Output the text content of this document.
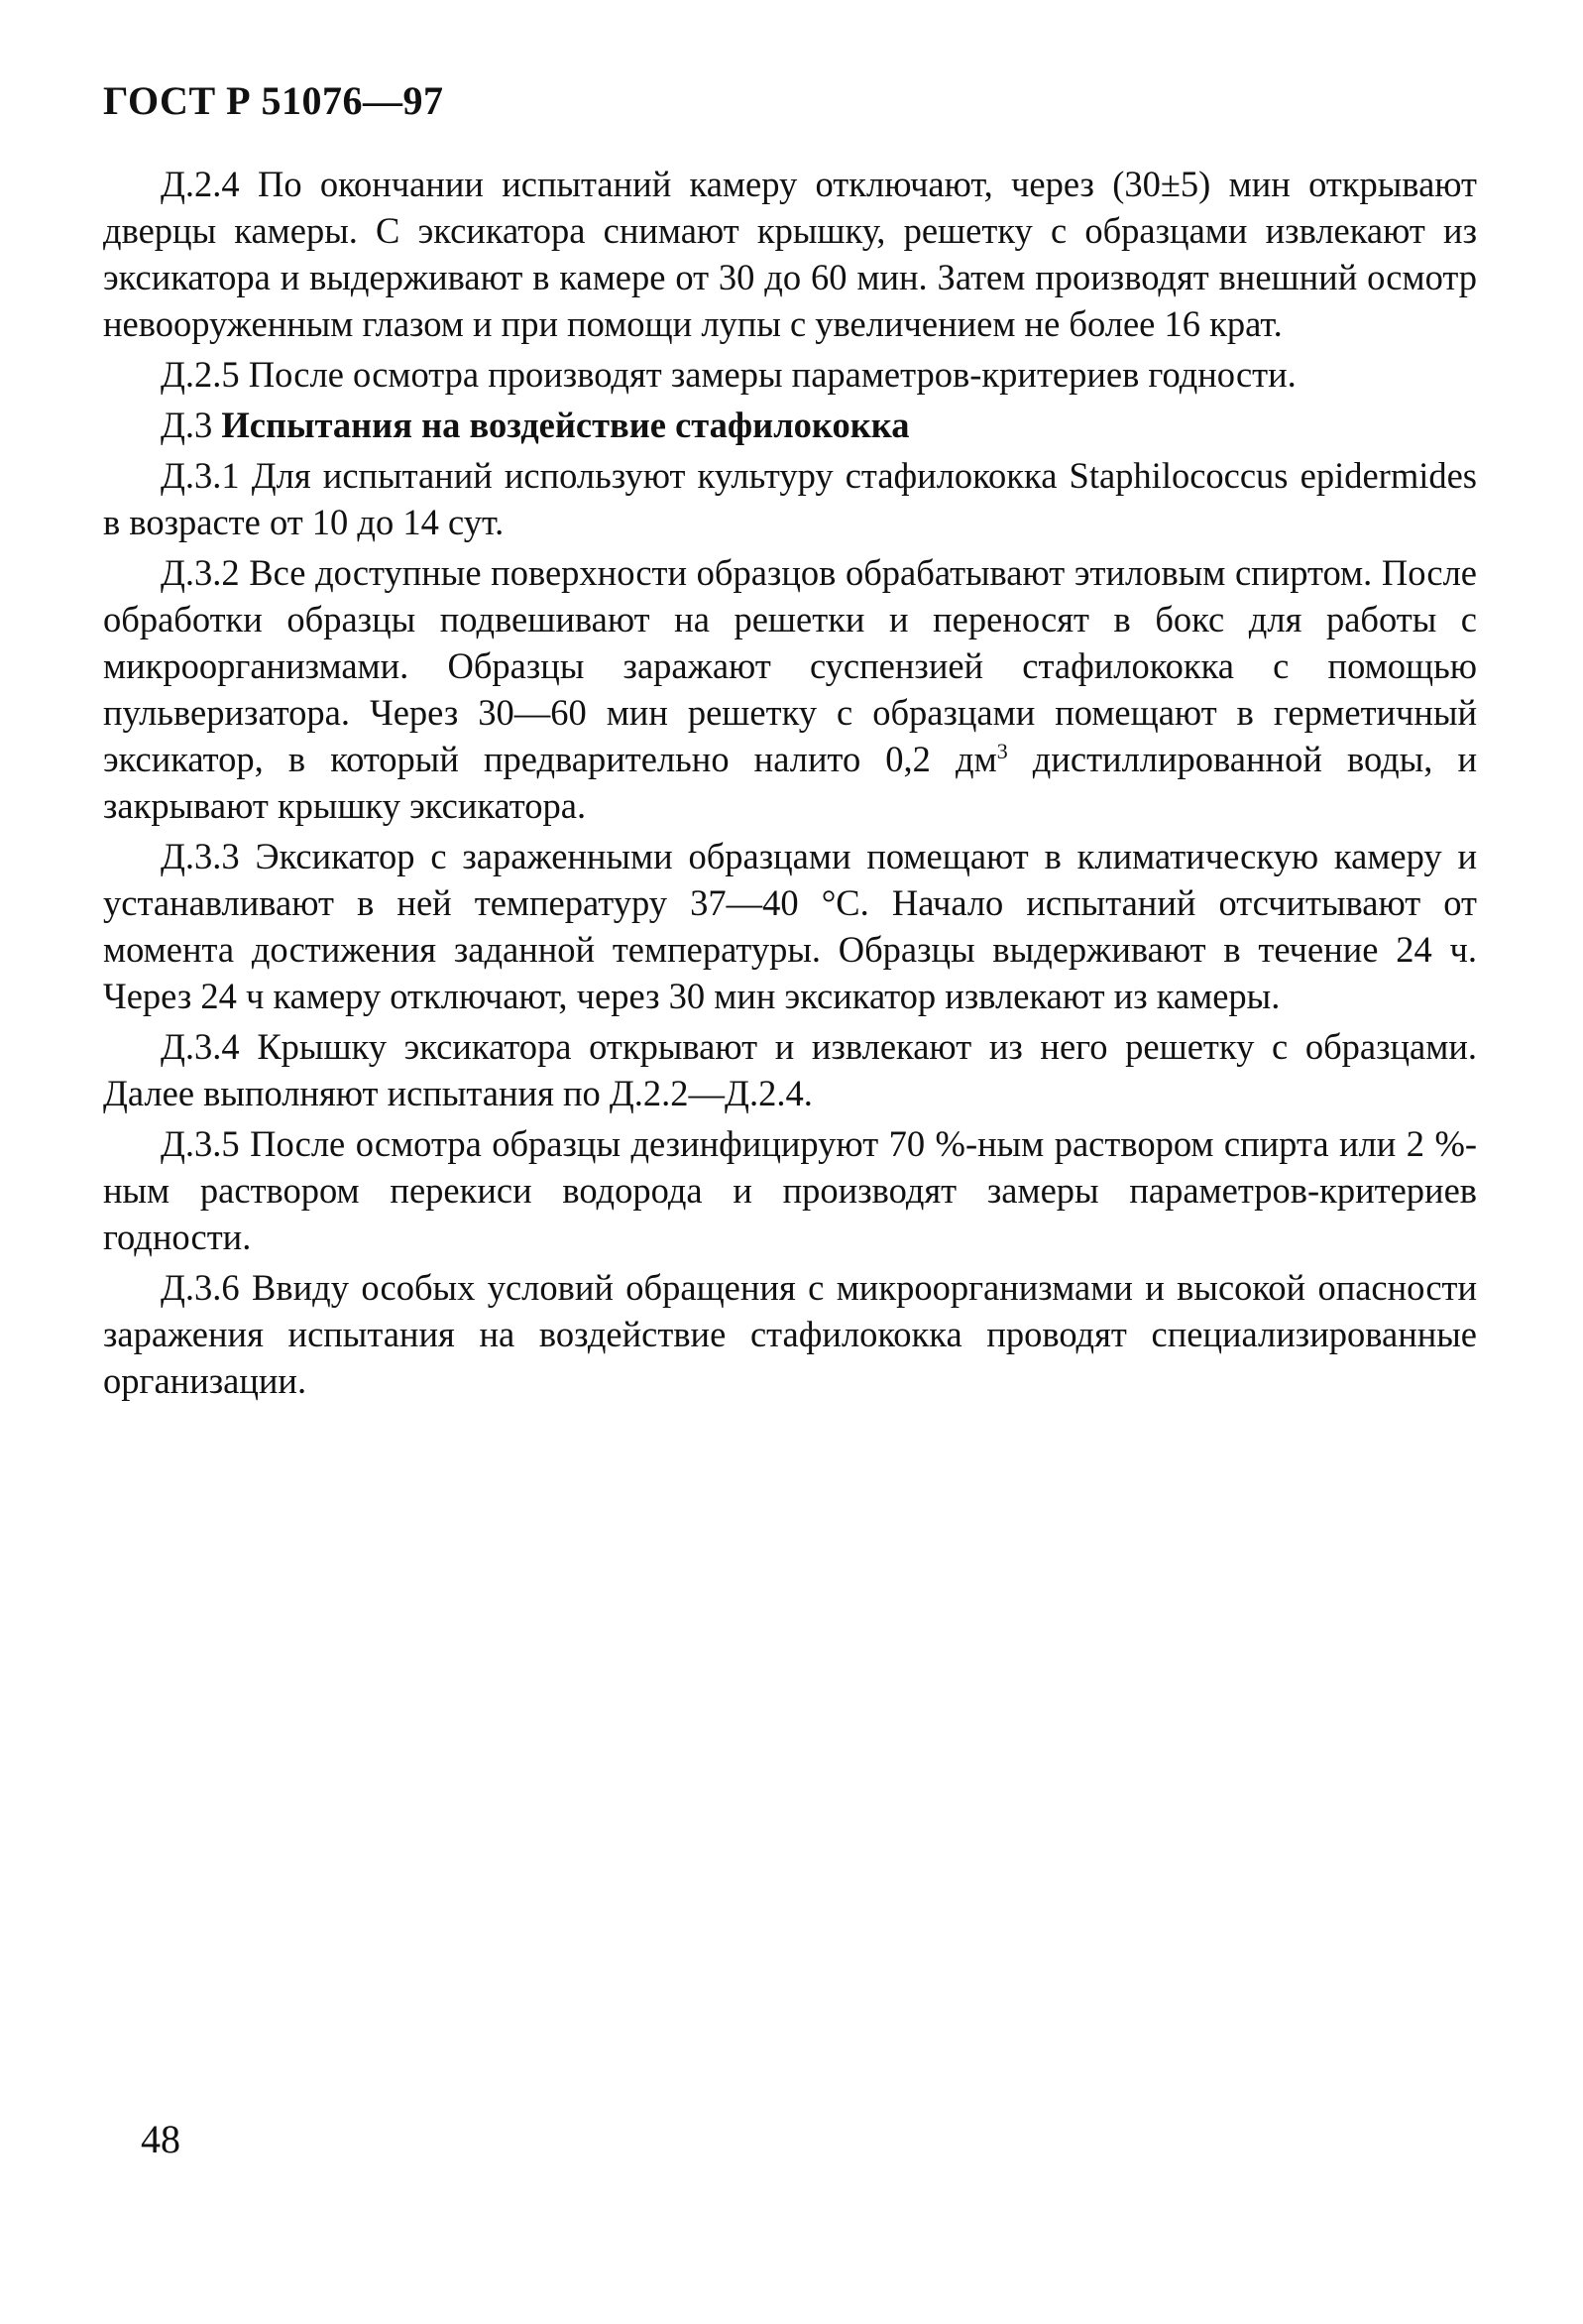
ГОСТ Р 51076—97

Д.2.4 По окончании испытаний камеру отключают, через (30±5) мин открывают дверцы камеры. С эксикатора снимают крышку, решетку с образцами извлекают из эксикатора и выдерживают в камере от 30 до 60 мин. Затем производят внешний осмотр невооруженным глазом и при помощи лупы с увеличением не более 16 крат.

Д.2.5 После осмотра производят замеры параметров-критериев годности.

Д.3 Испытания на воздействие стафилококка

Д.3.1 Для испытаний используют культуру стафилококка Staphilococcus epidermides в возрасте от 10 до 14 сут.

Д.3.2 Все доступные поверхности образцов обрабатывают этиловым спиртом. После обработки образцы подвешивают на решетки и переносят в бокс для работы с микроорганизмами. Образцы заражают суспензией стафилококка с помощью пульверизатора. Через 30—60 мин решетку с образцами помещают в герметичный эксикатор, в который предварительно налито 0,2 $дм^3$ дистиллированной воды, и закрывают крышку эксикатора.

Д.3.3 Эксикатор с зараженными образцами помещают в климатическую камеру и устанавливают в ней температуру 37—40 °С. Начало испытаний отсчитывают от момента достижения заданной температуры. Образцы выдерживают в течение 24 ч. Через 24 ч камеру отключают, через 30 мин эксикатор извлекают из камеры.

Д.3.4 Крышку эксикатора открывают и извлекают из него решетку с образцами. Далее выполняют испытания по Д.2.2—Д.2.4.

Д.3.5 После осмотра образцы дезинфицируют 70 %-ным раствором спирта или 2 %-ным раствором перекиси водорода и производят замеры параметров-критериев годности.

Д.3.6 Ввиду особых условий обращения с микроорганизмами и высокой опасности заражения испытания на воздействие стафилококка проводят специализированные организации.

48
